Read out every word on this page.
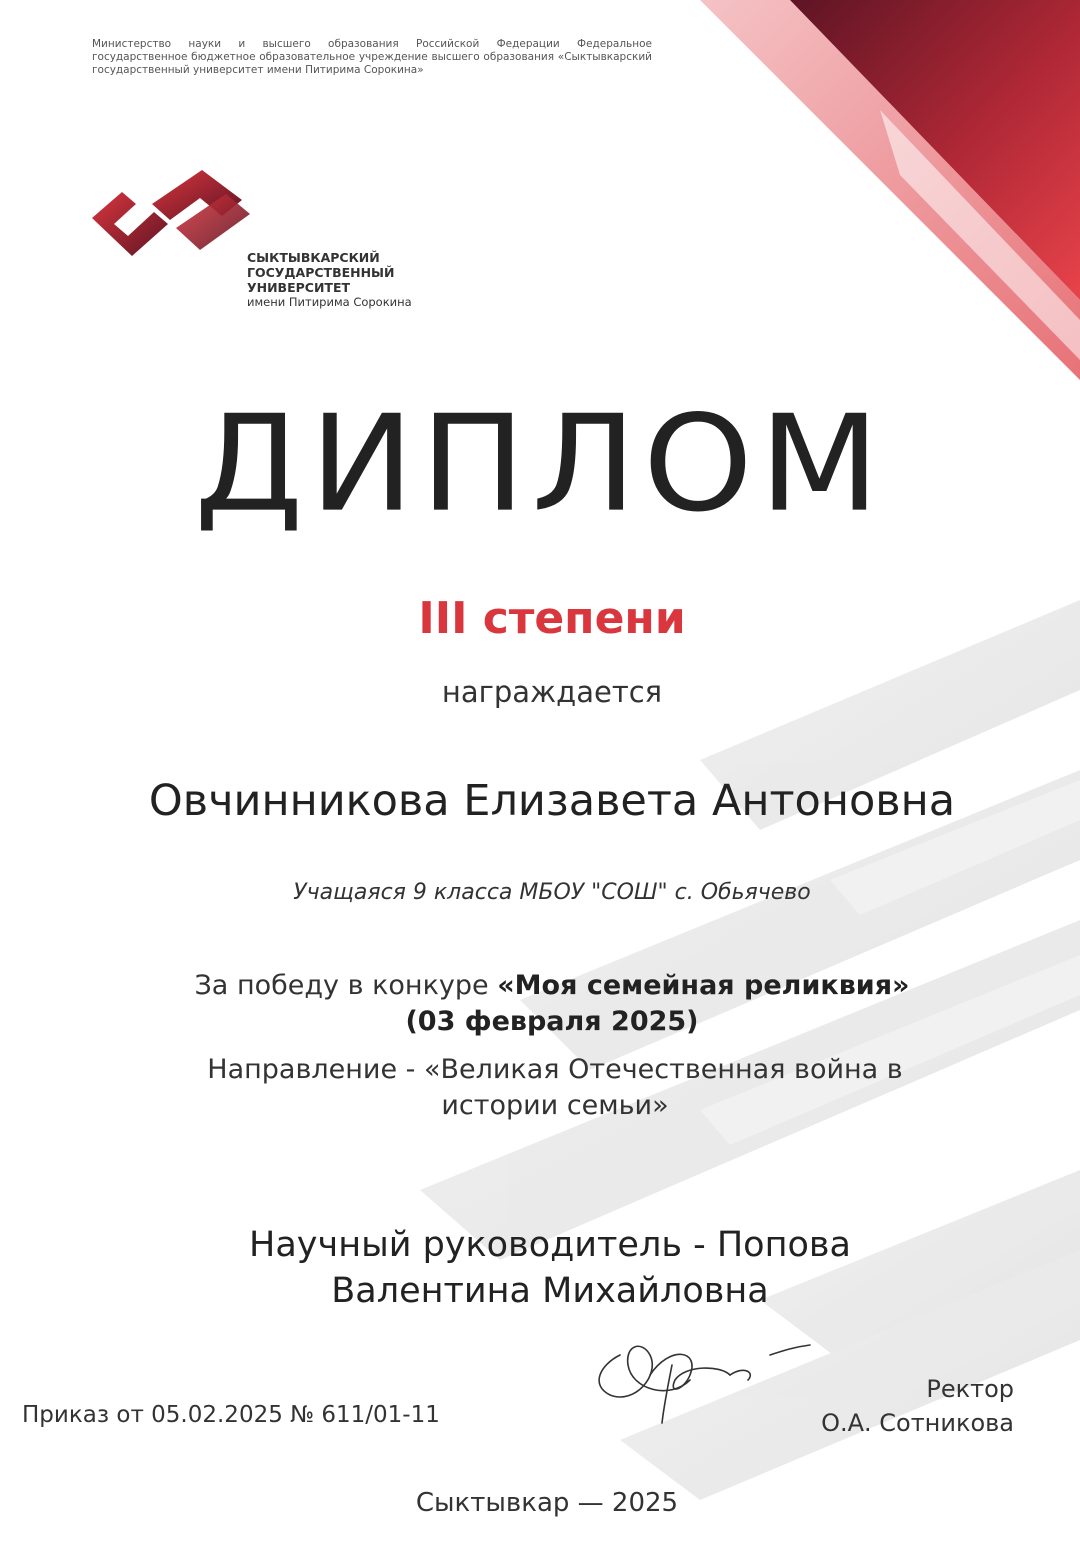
Министерство науки и высшего образования Российской Федерации Федеральное государственное бюджетное образовательное учреждение высшего образования «Сыктывкарский государственный университет имени Питирима Сорокина»
СЫКТЫВКАРСКИЙ
ГОСУДАРСТВЕННЫЙ
УНИВЕРСИТЕТ
имени Питирима Сорокина
ДИПЛОМ
III степени
награждается
Овчинникова Елизавета Антоновна
Учащаяся 9 класса МБОУ "СОШ" с. Обьячево
За победу в конкуре «Моя семейная реликвия»
(03 февраля 2025)
Направление - «Великая Отечественная война в истории семьи»
Научный руководитель - Попова
Валентина Михайловна
Приказ от 05.02.2025 № 611/01-11
Ректор
О.А. Сотникова
Сыктывкар — 2025
